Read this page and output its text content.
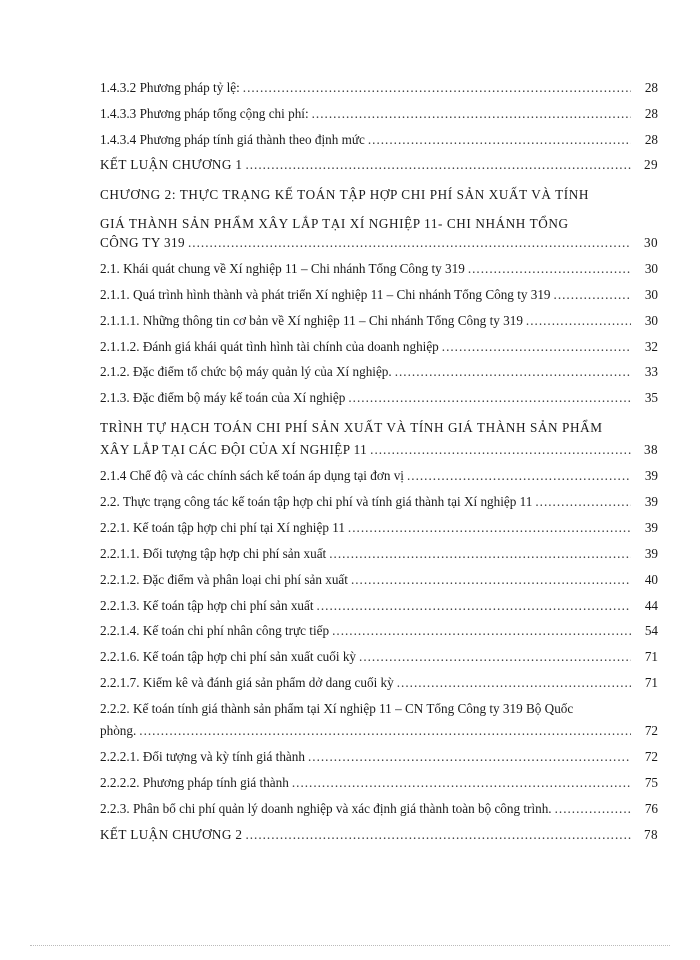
1.4.3.2 Phương pháp tỷ lệ: .....	28
1.4.3.3 Phương pháp tổng cộng chi phí: .....	28
1.4.3.4 Phương pháp tính giá thành theo định mức .....	28
KẾT LUẬN CHƯƠNG 1 .....	29
CHƯƠNG 2: THỰC TRẠNG KẾ TOÁN TẬP HỢP CHI PHÍ SẢN XUẤT VÀ TÍNH
GIÁ THÀNH SẢN PHẨM XÂY LẮP TẠI XÍ NGHIỆP 11- CHI NHÁNH TỔNG
CÔNG TY 319 .....	30
2.1. Khái quát chung về Xí nghiệp 11 – Chi nhánh Tổng Công ty 319 .....	30
2.1.1. Quá trình hình thành và phát triển Xí nghiệp 11 – Chi nhánh Tổng Công ty 319 .....	30
2.1.1.1. Những thông tin cơ bản về Xí nghiệp 11 – Chi nhánh Tổng Công ty 319 .....	30
2.1.1.2. Đánh giá khái quát tình hình tài chính của doanh nghiệp .....	32
2.1.2. Đặc điểm tổ chức bộ máy quản lý của Xí nghiệp. .....	33
2.1.3. Đặc điểm bộ máy kế toán của Xí nghiệp .....	35
TRÌNH TỰ HẠCH TOÁN CHI PHÍ SẢN XUẤT VÀ TÍNH GIÁ THÀNH SẢN PHẨM
XÂY LẮP TẠI CÁC ĐỘI CỦA XÍ NGHIỆP 11 .....	38
2.1.4 Chế độ và các chính sách kế toán áp dụng tại đơn vị .....	39
2.2. Thực trạng công tác kế toán tập hợp chi phí và tính giá thành tại Xí nghiệp 11 .....	39
2.2.1. Kế toán tập hợp chi phí tại Xí nghiệp 11 .....	39
2.2.1.1. Đối tượng tập hợp chi phí sản xuất .....	39
2.2.1.2. Đặc điểm và phân loại chi phí sản xuất .....	40
2.2.1.3. Kế toán tập hợp chi phí sản xuất .....	44
2.2.1.4. Kế toán chi phí nhân công trực tiếp .....	54
2.2.1.6. Kế toán tập hợp chi phí sản xuất cuối kỳ .....	71
2.2.1.7. Kiểm kê và đánh giá sản phẩm dở dang cuối kỳ .....	71
2.2.2. Kế toán tính giá thành sản phẩm tại Xí nghiệp 11 – CN Tổng Công ty 319 Bộ Quốc
phòng. .....	72
2.2.2.1. Đối tượng và kỳ tính giá thành .....	72
2.2.2.2. Phương pháp tính giá thành .....	75
2.2.3. Phân bổ chi phí quản lý doanh nghiệp và xác định giá thành toàn bộ công trình. .....	76
KẾT LUẬN CHƯƠNG 2 .....	78
